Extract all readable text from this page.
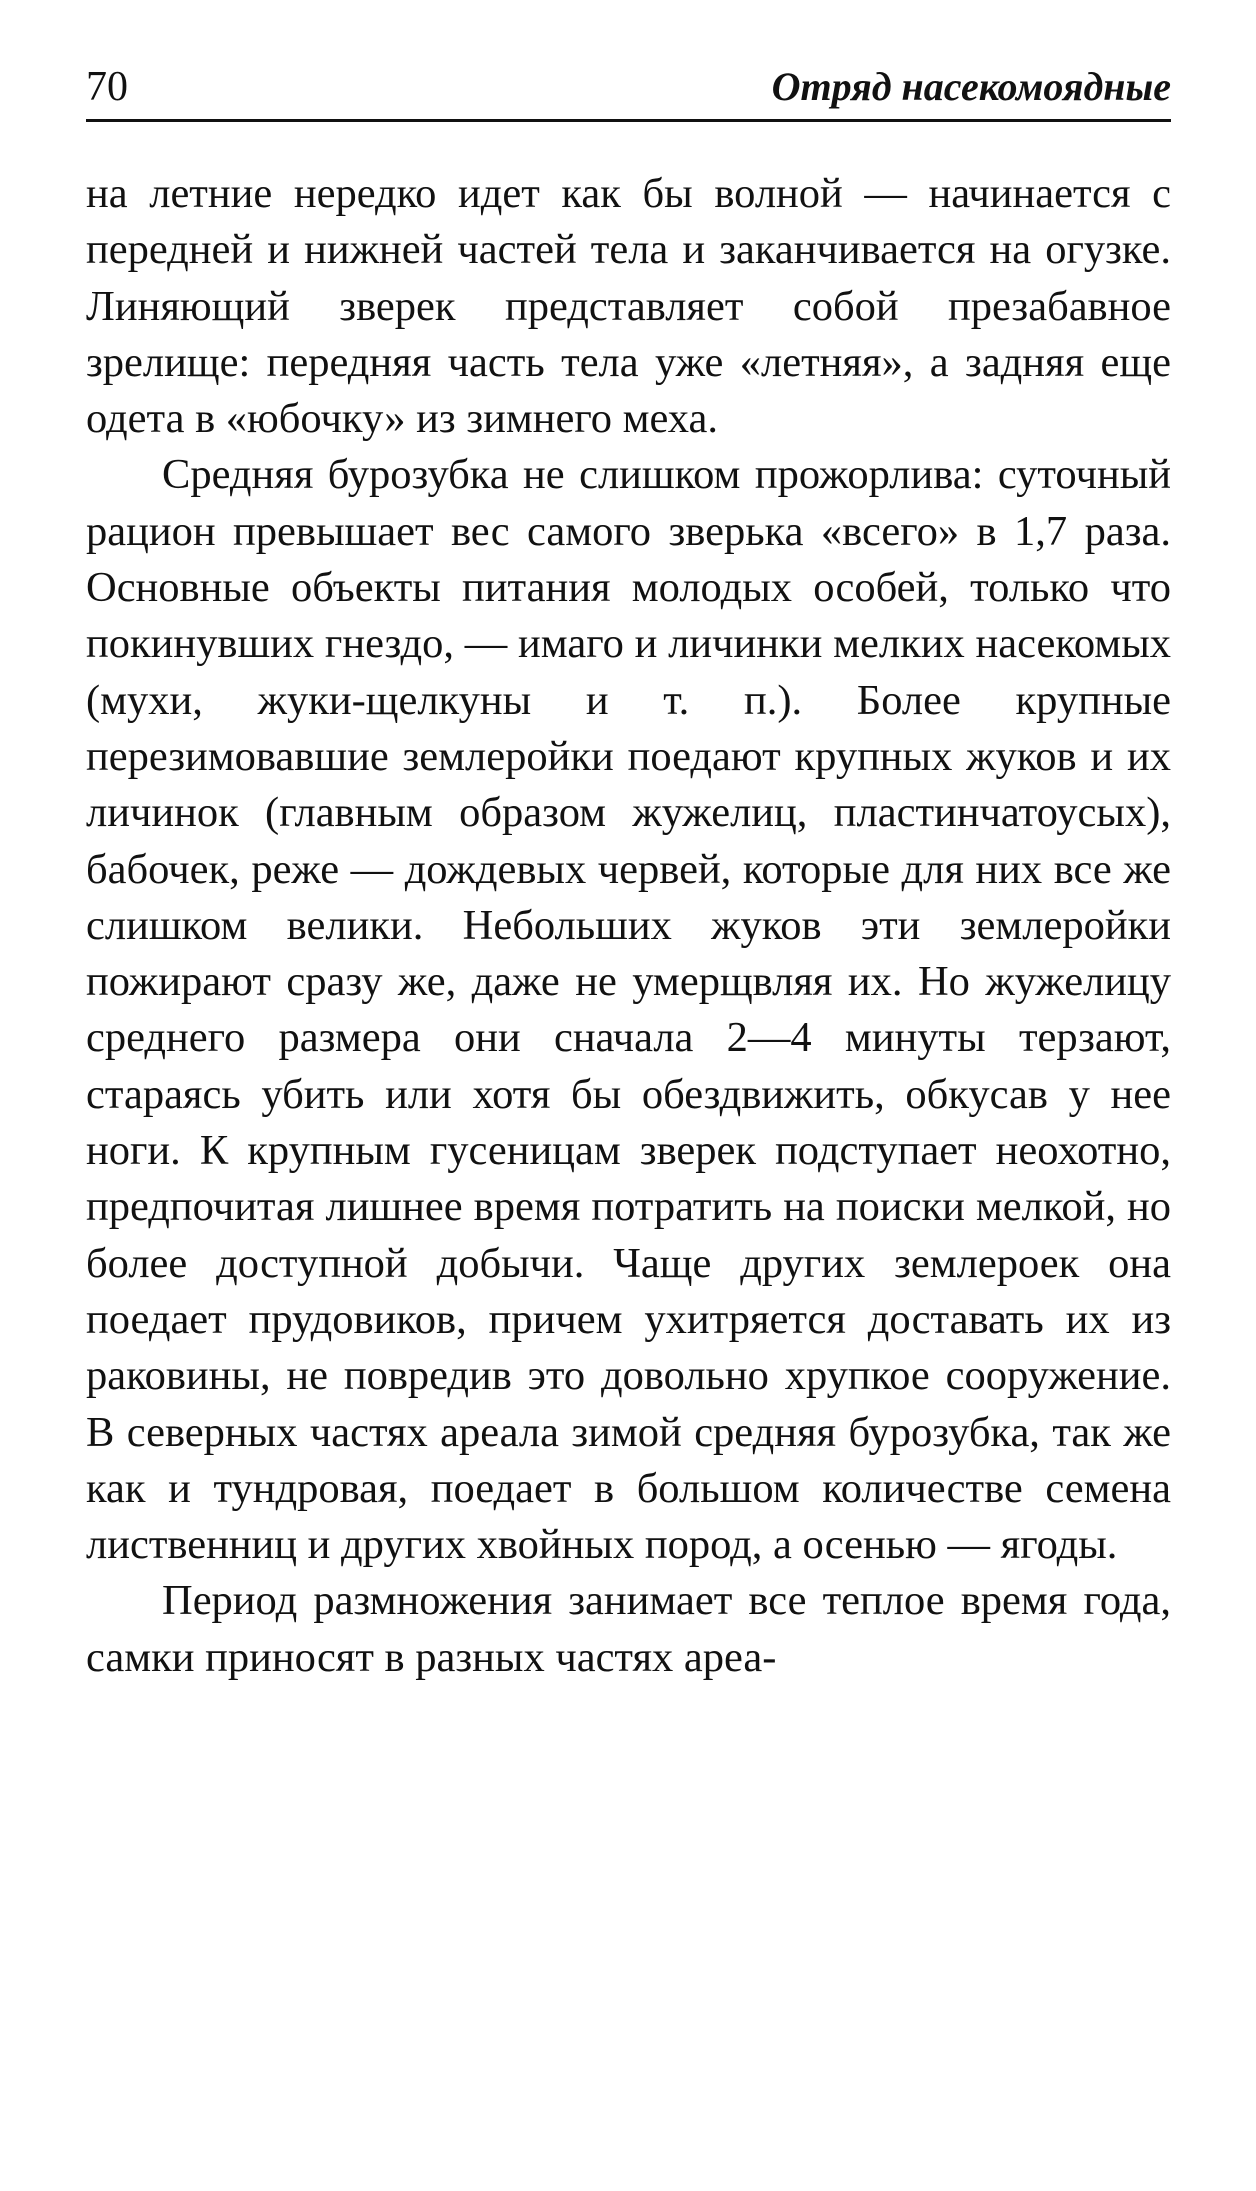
70	Отряд насекомоядные

на летние нередко идет как бы волной — начинается с передней и нижней частей тела и заканчивается на огузке. Линяющий зверек представляет собой презабавное зрелище: передняя часть тела уже «летняя», а задняя еще одета в «юбочку» из зимнего меха.

Средняя бурозубка не слишком прожорлива: суточный рацион превышает вес самого зверька «всего» в 1,7 раза. Основные объекты питания молодых особей, только что покинувших гнездо, — имаго и личинки мелких насекомых (мухи, жуки-щелкуны и т. п.). Более крупные перезимовавшие землеройки поедают крупных жуков и их личинок (главным образом жужелиц, пластинчатоусых), бабочек, реже — дождевых червей, которые для них все же слишком велики. Небольших жуков эти землеройки пожирают сразу же, даже не умерщвляя их. Но жужелицу среднего размера они сначала 2—4 минуты терзают, стараясь убить или хотя бы обездвижить, обкусав у нее ноги. К крупным гусеницам зверек подступает неохотно, предпочитая лишнее время потратить на поиски мелкой, но более доступной добычи. Чаще других землероек она поедает прудовиков, причем ухитряется доставать их из раковины, не повредив это довольно хрупкое сооружение. В северных частях ареала зимой средняя бурозубка, так же как и тундровая, поедает в большом количестве семена лиственниц и других хвойных пород, а осенью — ягоды.

Период размножения занимает все теплое время года, самки приносят в разных частях ареа-
